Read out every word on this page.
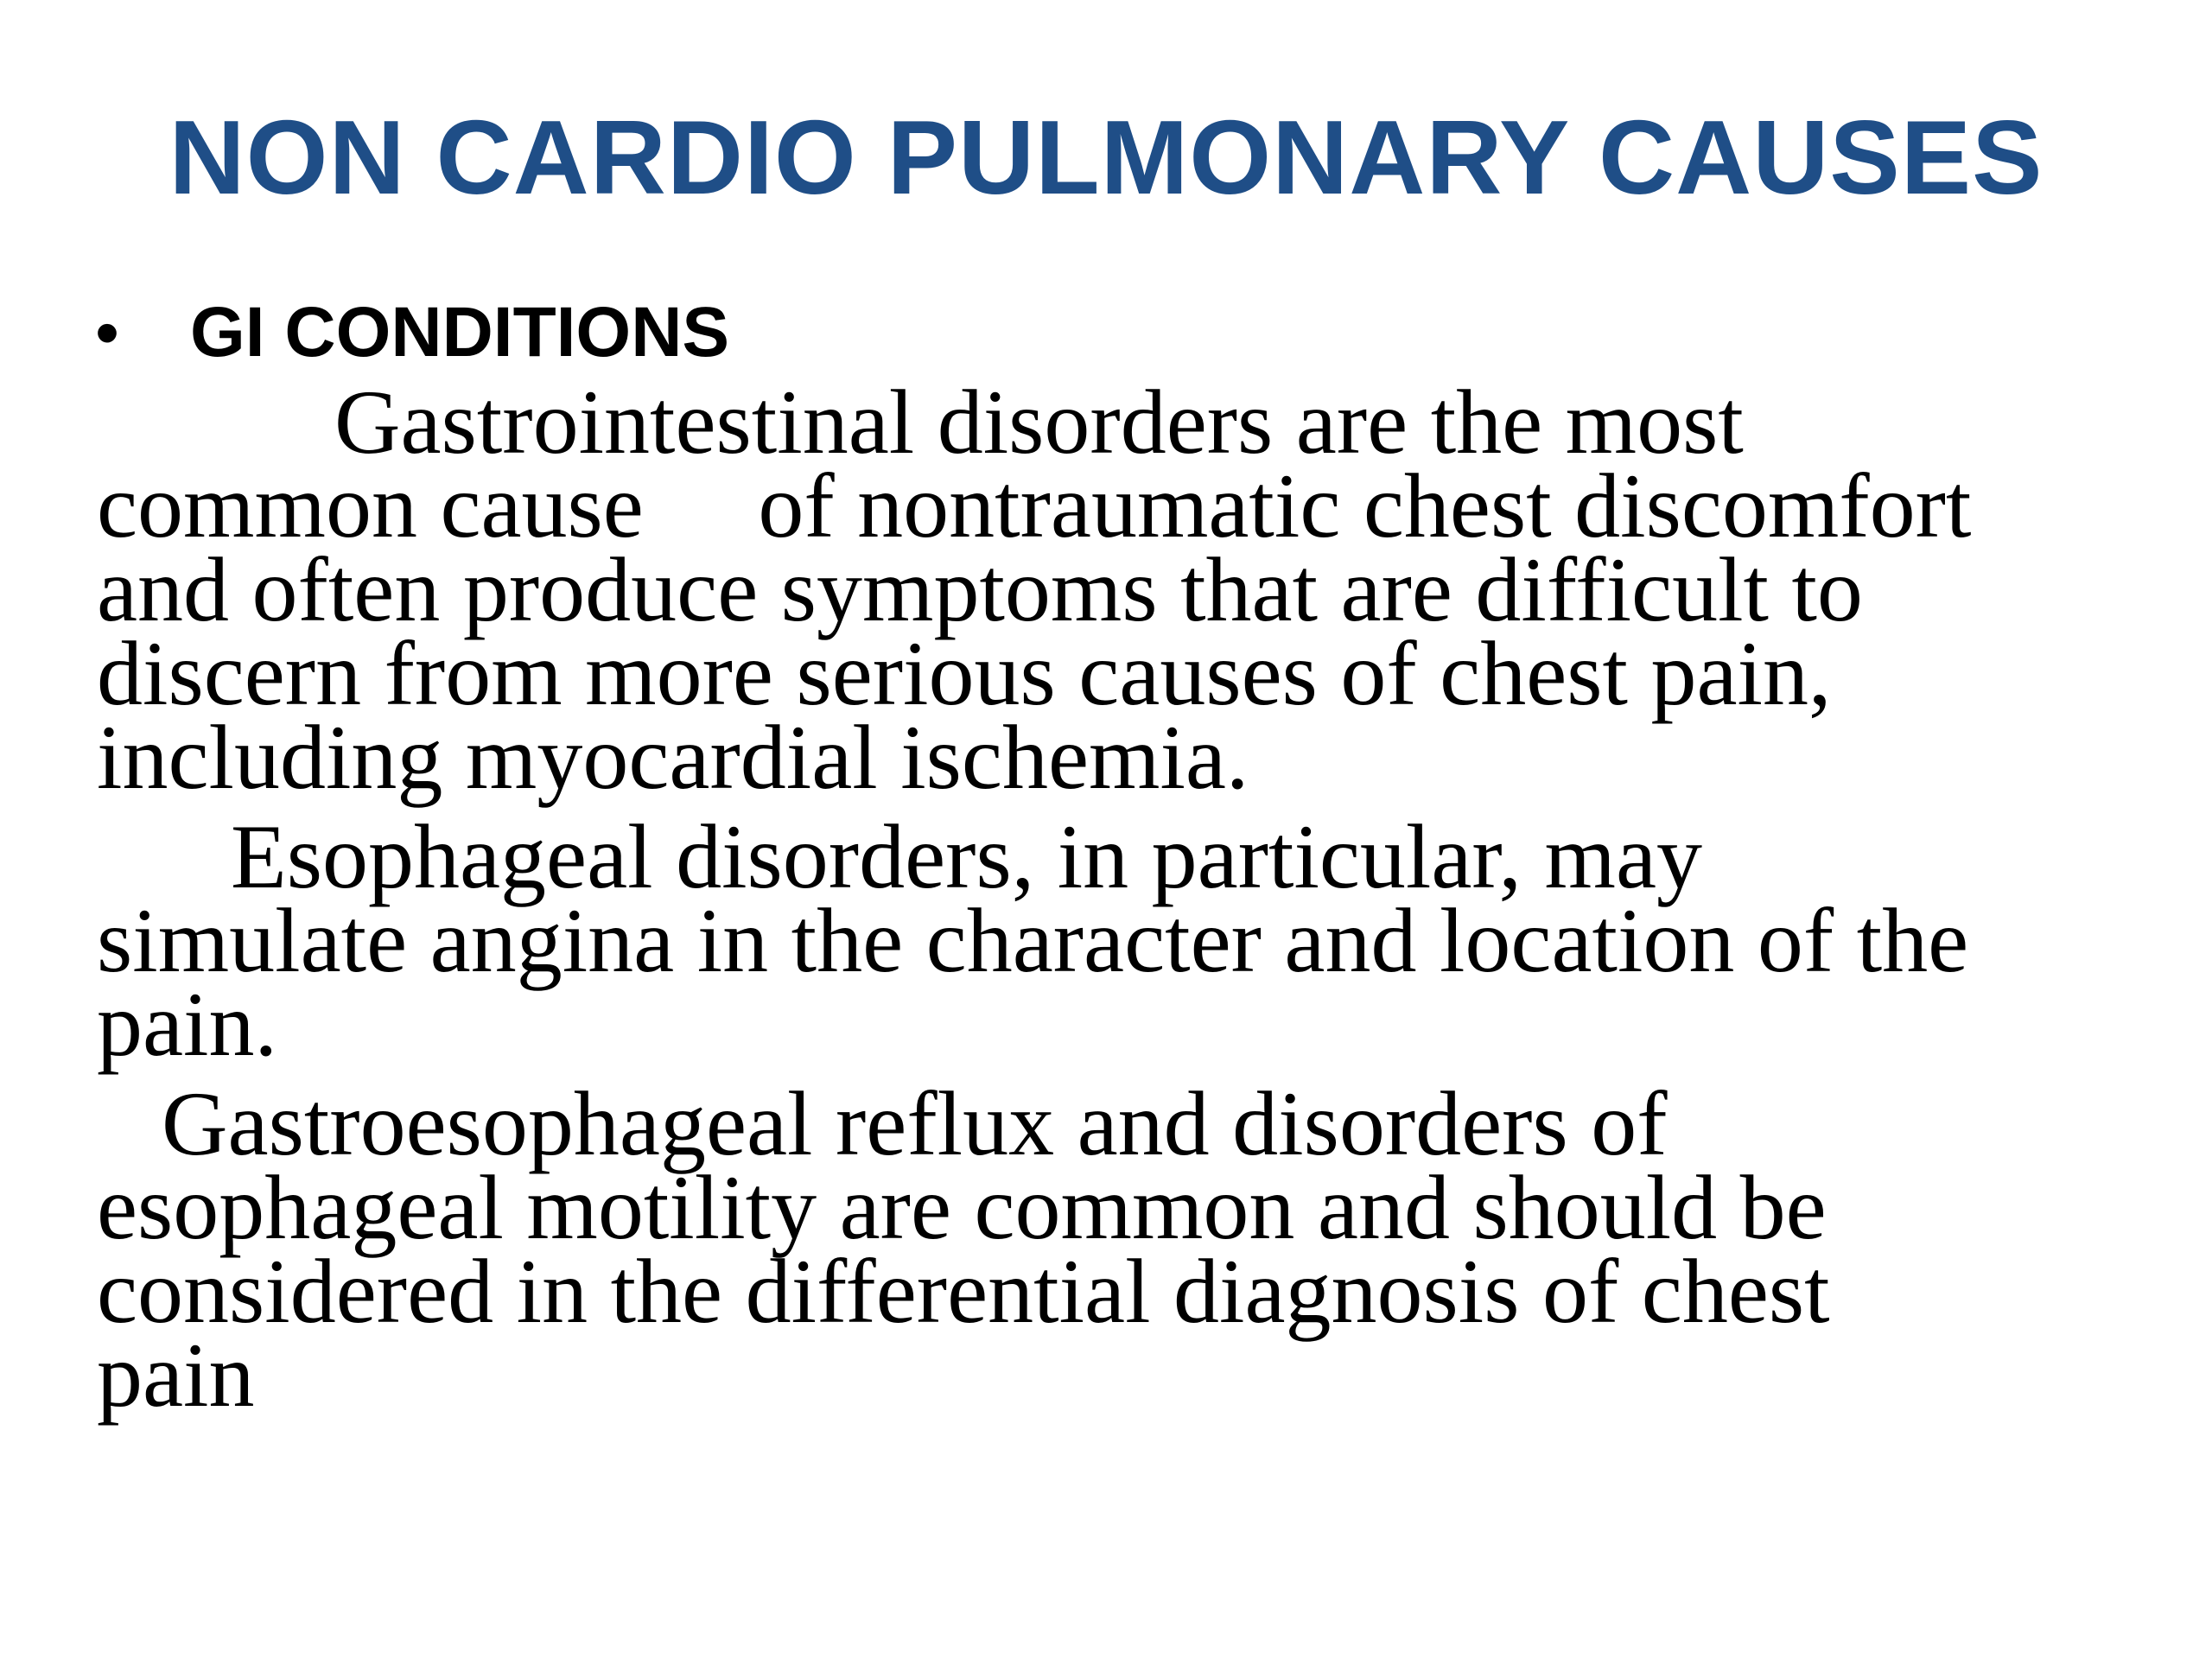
NON CARDIO PULMONARY CAUSES
• GI CONDITIONS

Gastrointestinal disorders are the most
common cause     of nontraumatic chest discomfort
and often produce symptoms that are difficult to
discern from more serious causes of chest pain,
including myocardial ischemia.

Esophageal disorders, in particular, may
simulate angina in the character and location of the
pain.

Gastroesophageal reflux and disorders of
esophageal motility are common and should be
considered in the differential diagnosis of chest
pain
